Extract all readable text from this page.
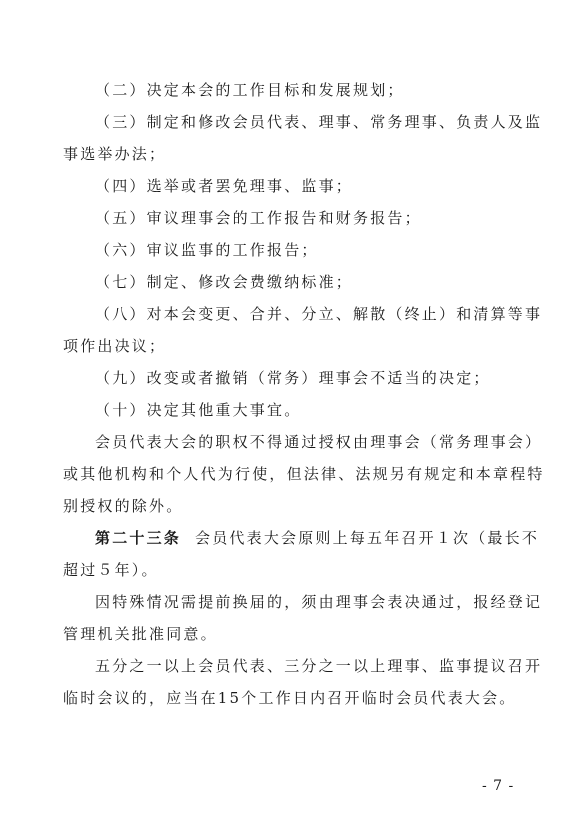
（二）决定本会的工作目标和发展规划；
（三）制定和修改会员代表、理事、常务理事、负责人及监
事选举办法；
（四）选举或者罢免理事、监事；
（五）审议理事会的工作报告和财务报告；
（六）审议监事的工作报告；
（七）制定、修改会费缴纳标准；
（八）对本会变更、合并、分立、解散（终止）和清算等事
项作出决议；
（九）改变或者撤销（常务）理事会不适当的决定；
（十）决定其他重大事宜。
会员代表大会的职权不得通过授权由理事会（常务理事会）
或其他机构和个人代为行使，但法律、法规另有规定和本章程特
别授权的除外。
第二十三条 会员代表大会原则上每五年召开１次（最长不
超过５年）。
因特殊情况需提前换届的，须由理事会表决通过，报经登记
管理机关批准同意。
五分之一以上会员代表、三分之一以上理事、监事提议召开
临时会议的，应当在15个工作日内召开临时会员代表大会。
- 7 -
